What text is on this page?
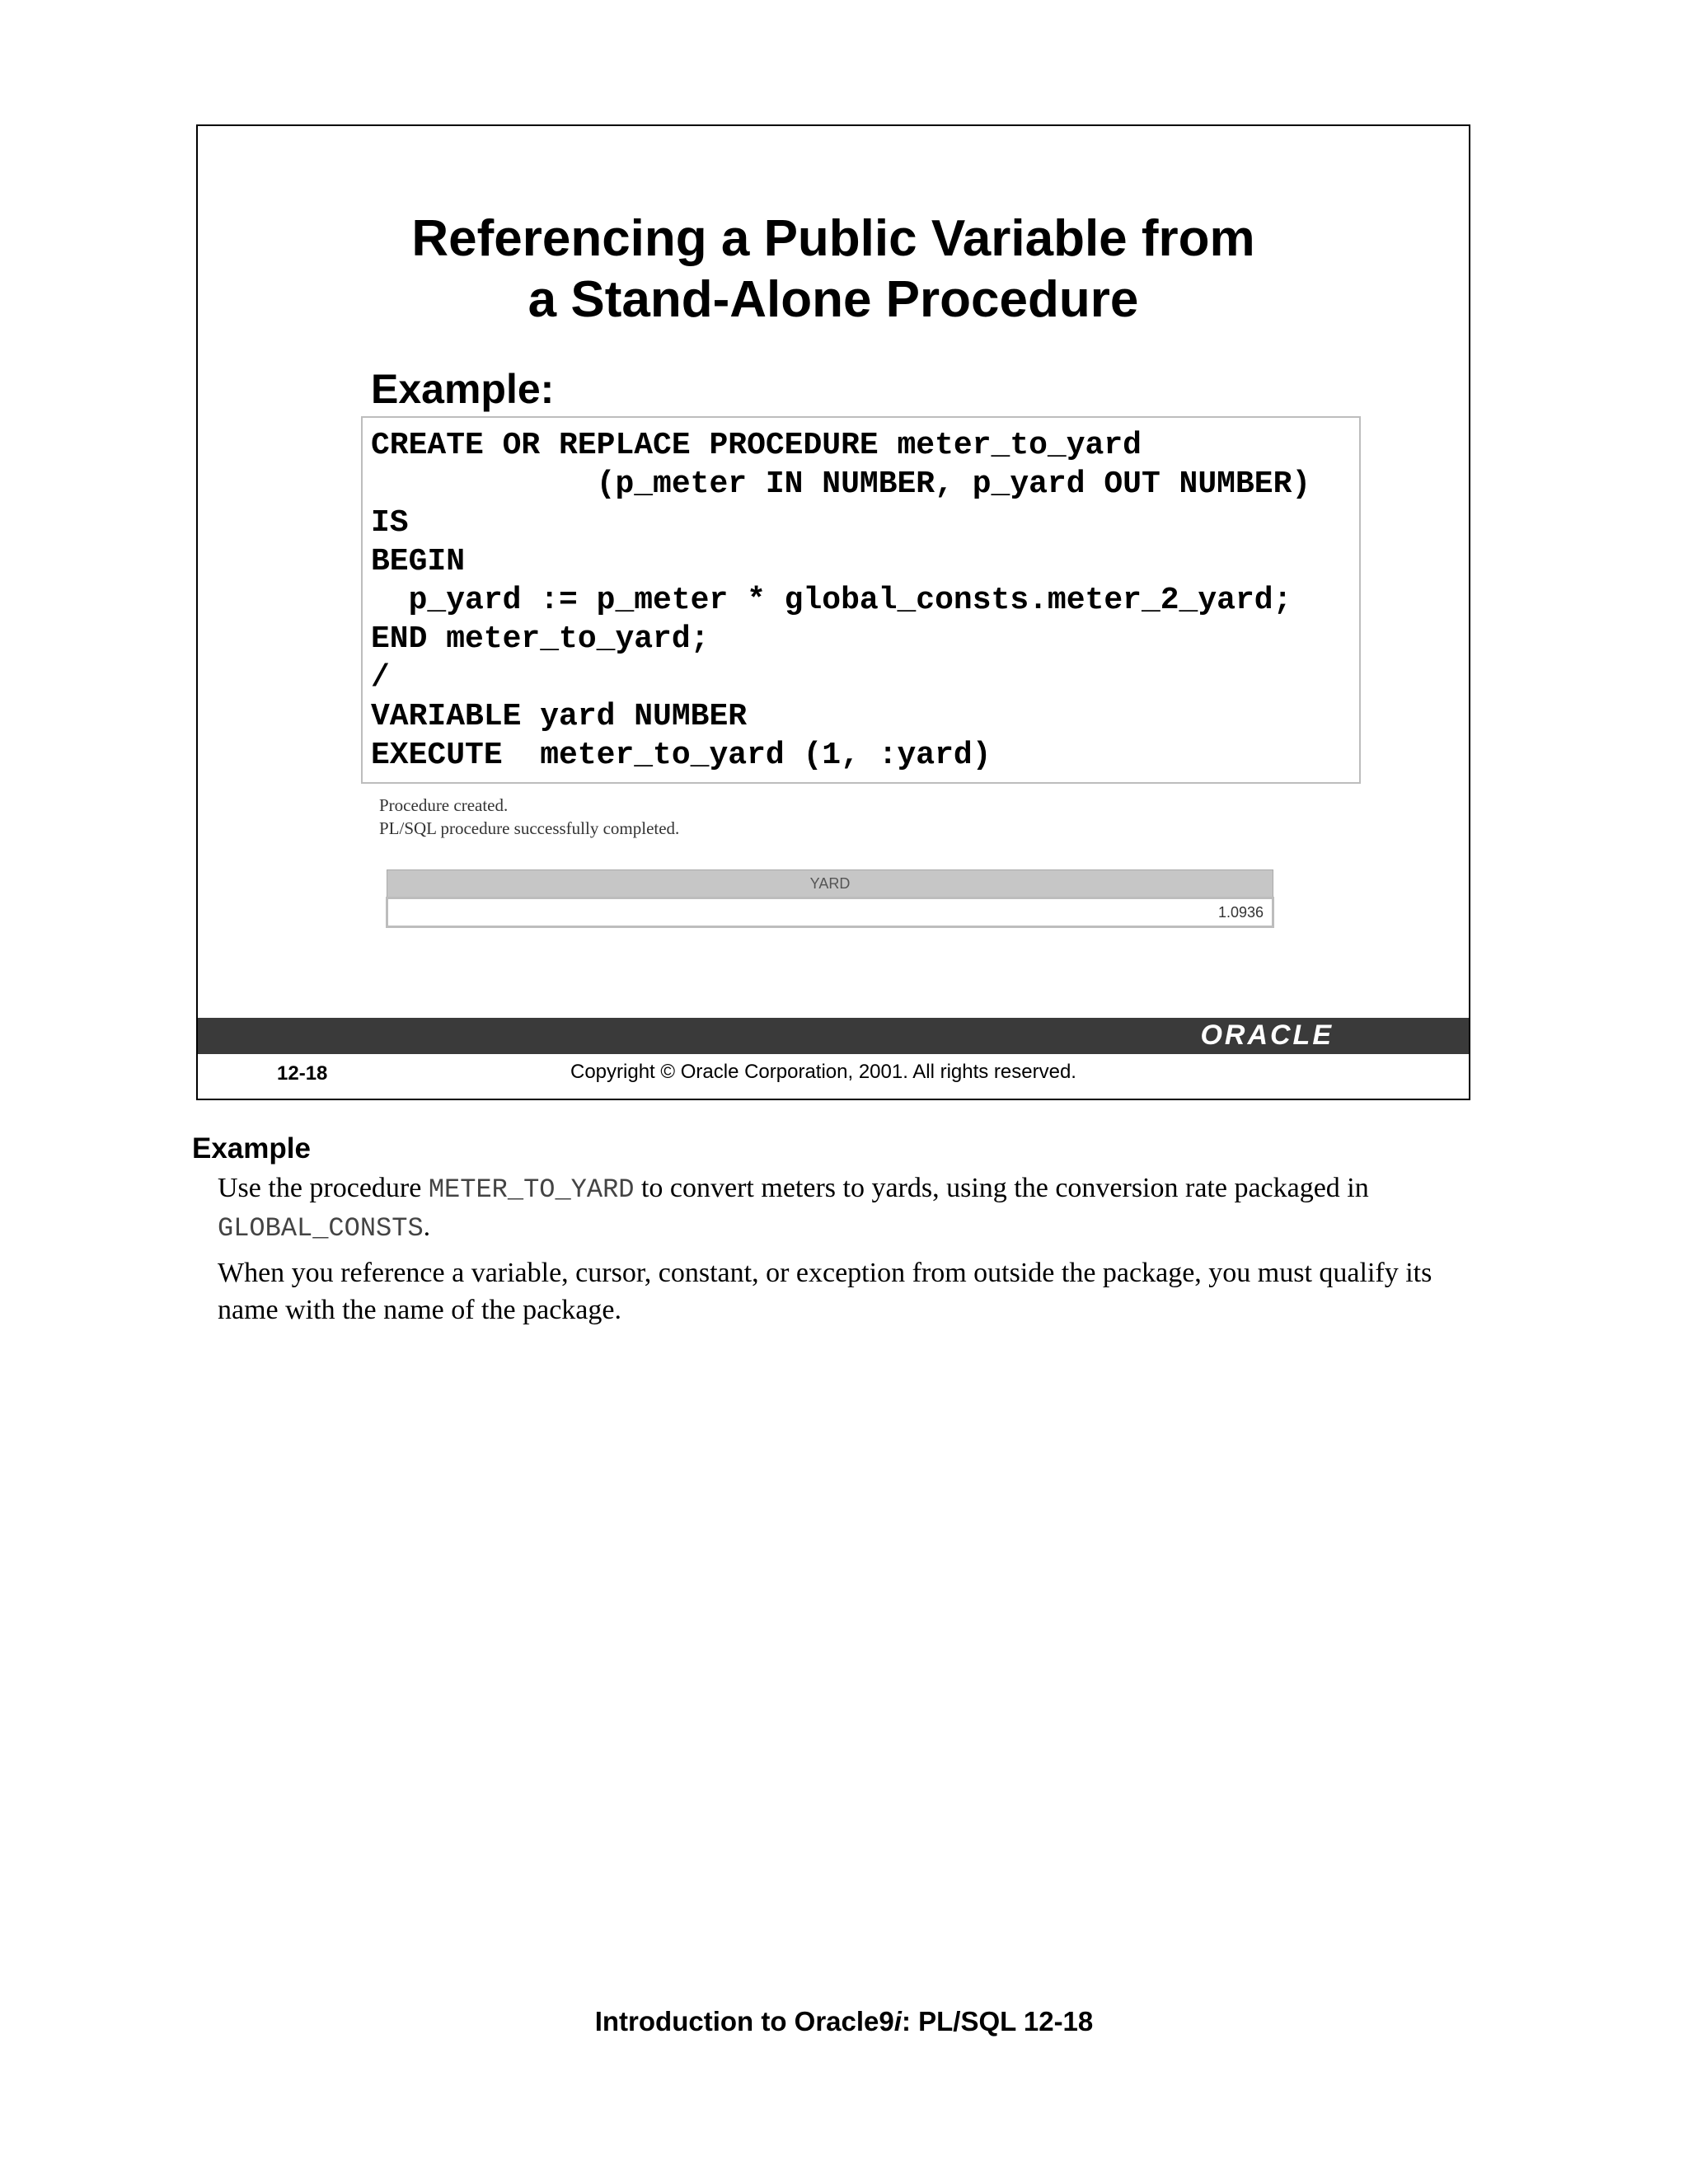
Referencing a Public Variable from
a Stand-Alone Procedure

Example:

CREATE OR REPLACE PROCEDURE meter_to_yard

(p_meter IN NUMBER, p_yard OUT NUMBER)

IS

BEGIN

p_yard := p_meter * global_consts.meter_2_yard;

END meter_to_yard;

/

VARIABLE yard NUMBER

EXECUTE  meter_to_yard (1, :yard)

Procedure created.

PL/SQL procedure successfully completed.

YARD
1.0936
ORACLE
12-18	Copyright © Oracle Corporation, 2001. All rights reserved.

Example

Use the procedure METER_TO_YARD to convert meters to yards, using the conversion rate packaged in GLOBAL_CONSTS.

When you reference a variable, cursor, constant, or exception from outside the package, you must qualify its name with the name of the package.

Introduction to Oracle9i: PL/SQL 12-18
